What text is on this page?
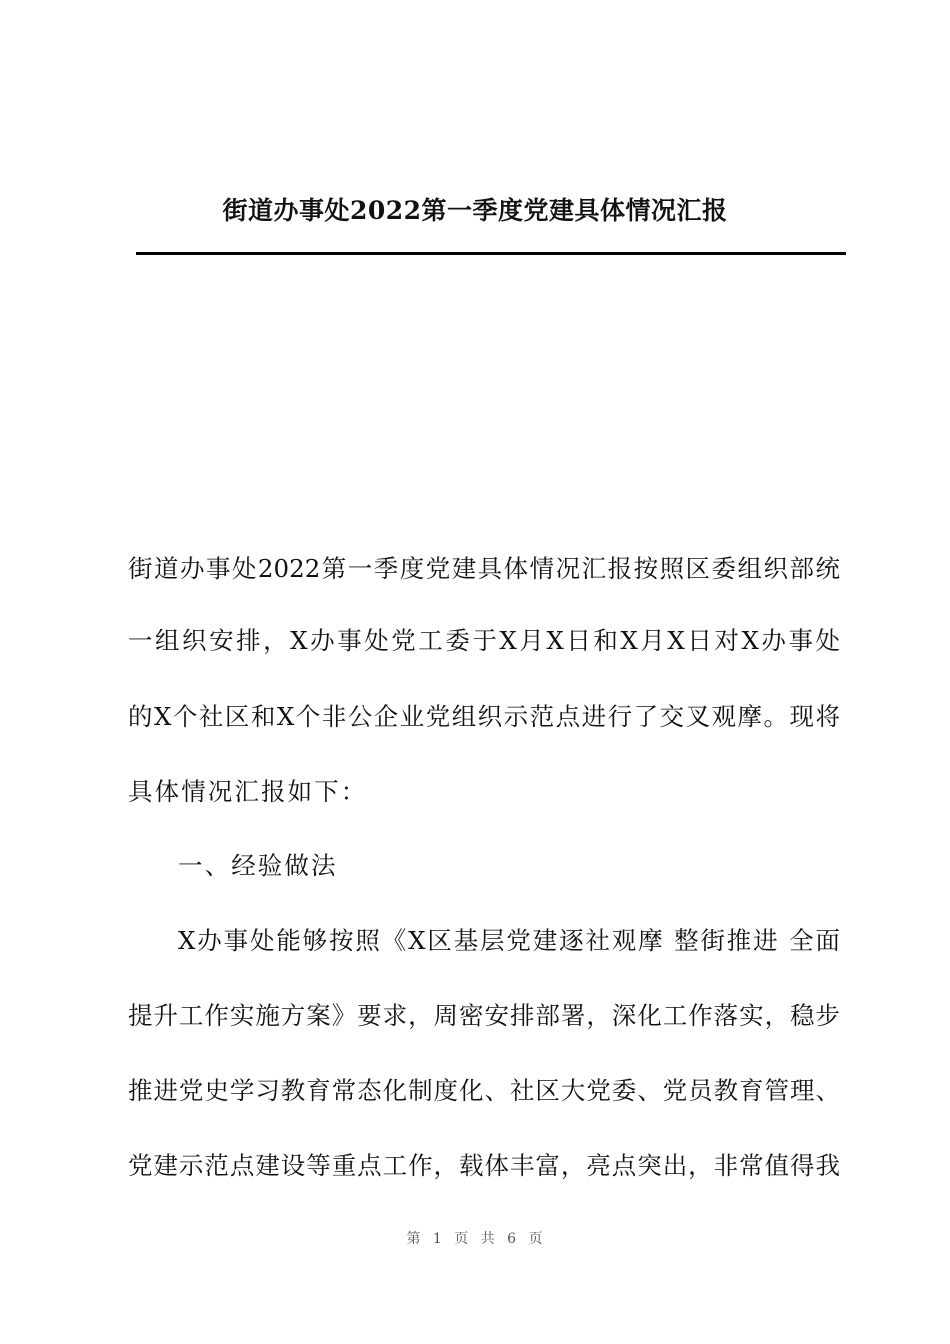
街道办事处2022第一季度党建具体情况汇报
街道办事处2022第一季度党建具体情况汇报按照区委组织部统
一组织安排，X办事处党工委于X月X日和X月X日对X办事处
的X个社区和X个非公企业党组织示范点进行了交叉观摩。现将
具体情况汇报如下：
一、经验做法
X办事处能够按照《X区基层党建逐社观摩 整街推进 全面
提升工作实施方案》要求，周密安排部署，深化工作落实，稳步
推进党史学习教育常态化制度化、社区大党委、党员教育管理、
党建示范点建设等重点工作，载体丰富，亮点突出，非常值得我
第 1 页 共 6 页
